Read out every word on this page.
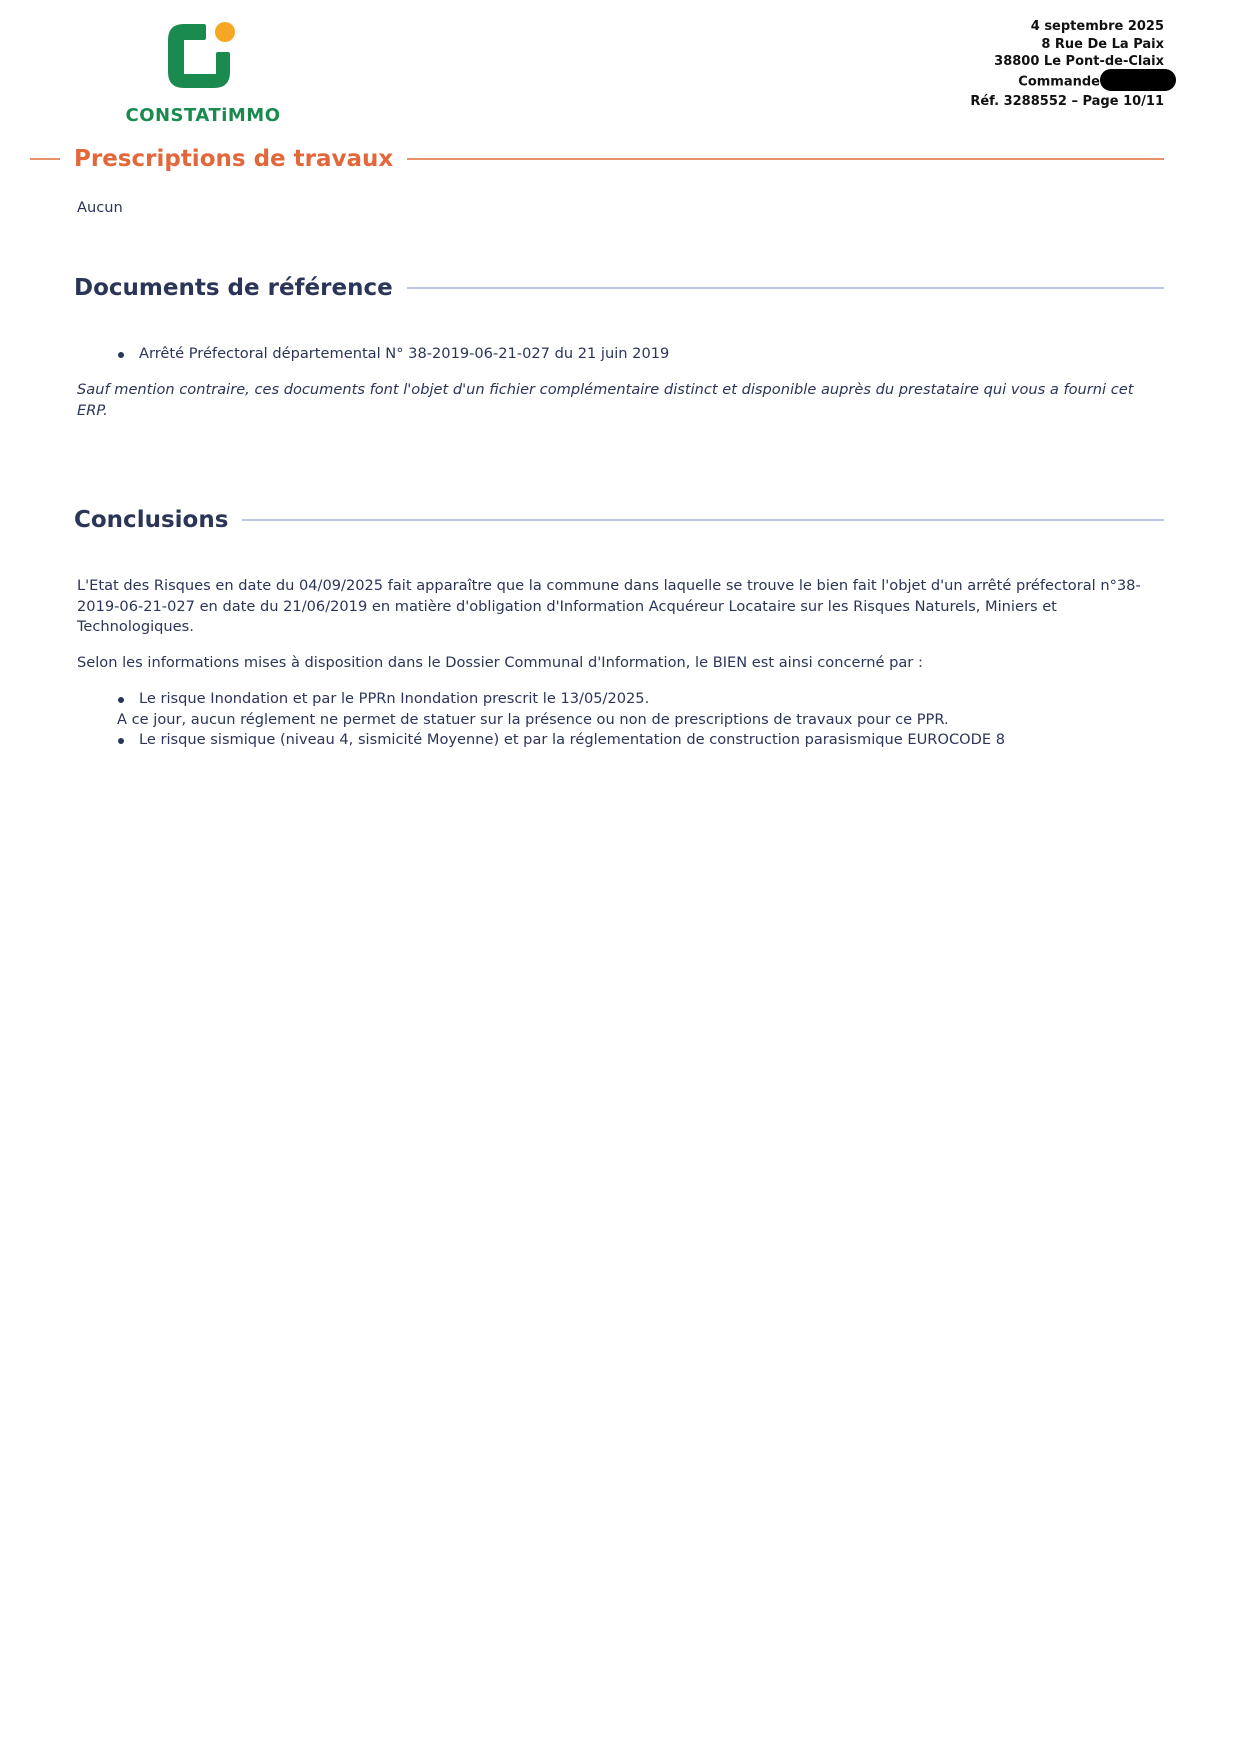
CONSTATiMMO
4 septembre 2025
8 Rue De La Paix
38800 Le Pont-de-Claix
Commande
Réf. 3288552 – Page 10/11
Prescriptions de travaux
Aucun
Documents de référence
Arrêté Préfectoral départemental N° 38-2019-06-21-027 du 21 juin 2019
Sauf mention contraire, ces documents font l'objet d'un fichier complémentaire distinct et disponible auprès du prestataire qui vous a fourni cet ERP.
Conclusions
L'Etat des Risques en date du 04/09/2025 fait apparaître que la commune dans laquelle se trouve le bien fait l'objet d'un arrêté préfectoral n°38-2019-06-21-027 en date du 21/06/2019 en matière d'obligation d'Information Acquéreur Locataire sur les Risques Naturels, Miniers et Technologiques.
Selon les informations mises à disposition dans le Dossier Communal d'Information, le BIEN est ainsi concerné par :
Le risque Inondation et par le PPRn Inondation prescrit le 13/05/2025.
A ce jour, aucun réglement ne permet de statuer sur la présence ou non de prescriptions de travaux pour ce PPR.
Le risque sismique (niveau 4, sismicité Moyenne) et par la réglementation de construction parasismique EUROCODE 8
